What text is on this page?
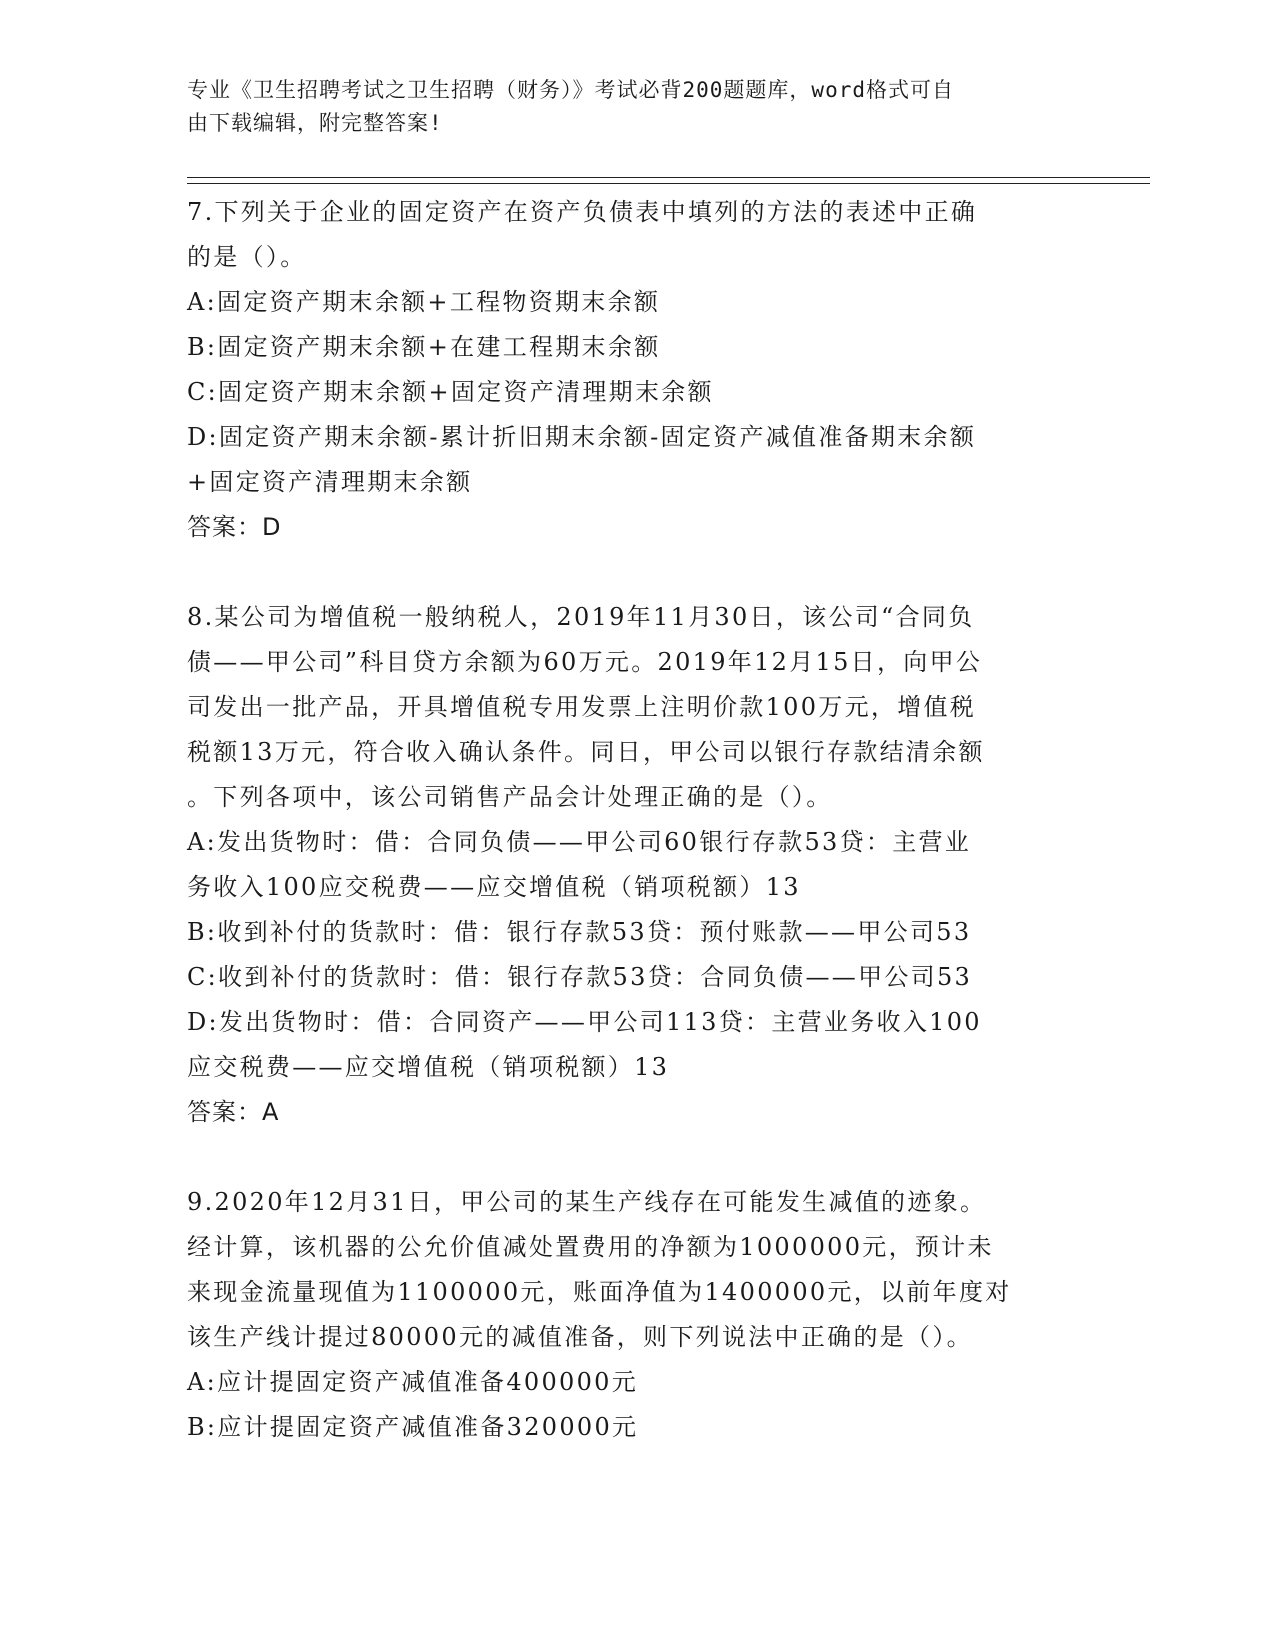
专业《卫生招聘考试之卫生招聘（财务）》考试必背200题题库，word格式可自
由下载编辑，附完整答案!
7.下列关于企业的固定资产在资产负债表中填列的方法的表述中正确
的是（）。
A:固定资产期末余额+工程物资期末余额
B:固定资产期末余额+在建工程期末余额
C:固定资产期末余额+固定资产清理期末余额
D:固定资产期末余额-累计折旧期末余额-固定资产减值准备期末余额
+固定资产清理期末余额
答案：D
8.某公司为增值税一般纳税人，2019年11月30日，该公司“合同负
债——甲公司”科目贷方余额为60万元。2019年12月15日，向甲公
司发出一批产品，开具增值税专用发票上注明价款100万元，增值税
税额13万元，符合收入确认条件。同日，甲公司以银行存款结清余额
。下列各项中，该公司销售产品会计处理正确的是（）。
A:发出货物时：借：合同负债——甲公司60银行存款53贷：主营业
务收入100应交税费——应交增值税（销项税额）13
B:收到补付的货款时：借：银行存款53贷：预付账款——甲公司53
C:收到补付的货款时：借：银行存款53贷：合同负债——甲公司53
D:发出货物时：借：合同资产——甲公司113贷：主营业务收入100
应交税费——应交增值税（销项税额）13
答案：A
9.2020年12月31日，甲公司的某生产线存在可能发生减值的迹象。
经计算，该机器的公允价值减处置费用的净额为1000000元，预计未
来现金流量现值为1100000元，账面净值为1400000元，以前年度对
该生产线计提过80000元的减值准备，则下列说法中正确的是（）。
A:应计提固定资产减值准备400000元
B:应计提固定资产减值准备320000元
